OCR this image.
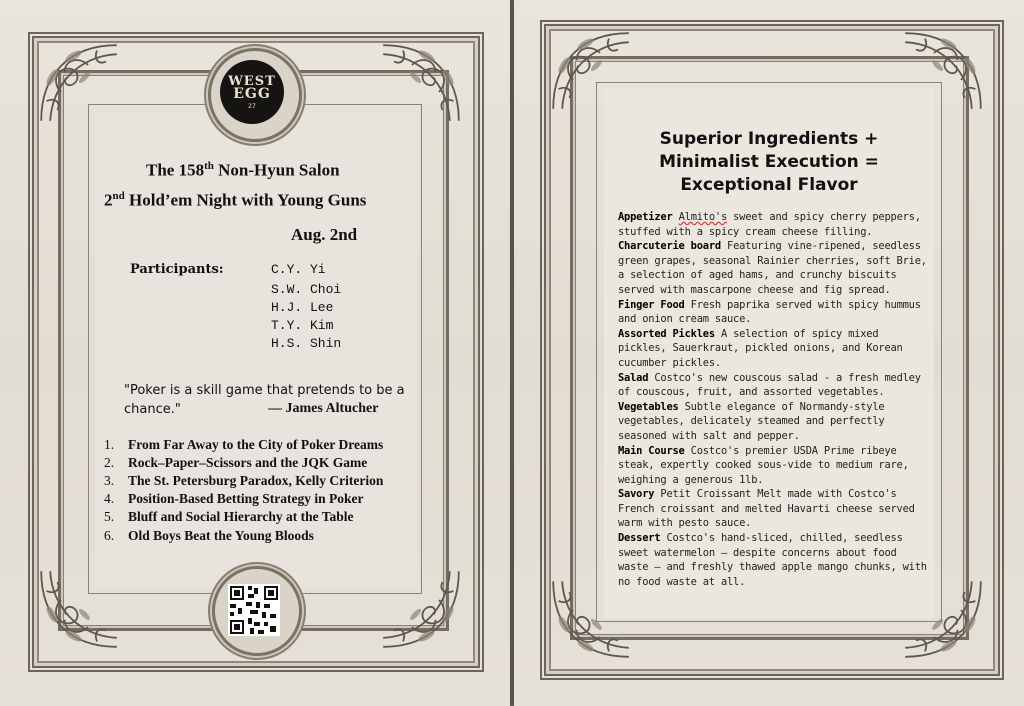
WEST
EGG
27
The 158th Non-Hyun Salon
2nd Hold’em Night with Young Guns
Aug. 2nd
Participants:	C.Y. Yi
S.W. Choi
H.J. Lee
T.Y. Kim
H.S. Shin
"Poker is a skill game that pretends to be a
chance."	— James Altucher
1. From Far Away to the City of Poker Dreams
2. Rock–Paper–Scissors and the JQK Game
3. The St. Petersburg Paradox, Kelly Criterion
4. Position-Based Betting Strategy in Poker
5. Bluff and Social Hierarchy at the Table
6. Old Boys Beat the Young Bloods
Superior Ingredients +
Minimalist Execution =
Exceptional Flavor

Appetizer Almito's sweet and spicy cherry peppers, stuffed with a spicy cream cheese filling.

Charcuterie board Featuring vine-ripened, seedless green grapes, seasonal Rainier cherries, soft Brie, a selection of aged hams, and crunchy biscuits served with mascarpone cheese and fig spread.

Finger Food Fresh paprika served with spicy hummus and onion cream sauce.

Assorted Pickles A selection of spicy mixed pickles, Sauerkraut, pickled onions, and Korean cucumber pickles.

Salad Costco's new couscous salad - a fresh medley of couscous, fruit, and assorted vegetables.

Vegetables Subtle elegance of Normandy-style vegetables, delicately steamed and perfectly seasoned with salt and pepper.

Main Course Costco's premier USDA Prime ribeye steak, expertly cooked sous-vide to medium rare, weighing a generous 1lb.

Savory Petit Croissant Melt made with Costco's French croissant and melted Havarti cheese served warm with pesto sauce.

Dessert Costco's hand-sliced, chilled, seedless sweet watermelon — despite concerns about food waste — and freshly thawed apple mango chunks, with no food waste at all.
